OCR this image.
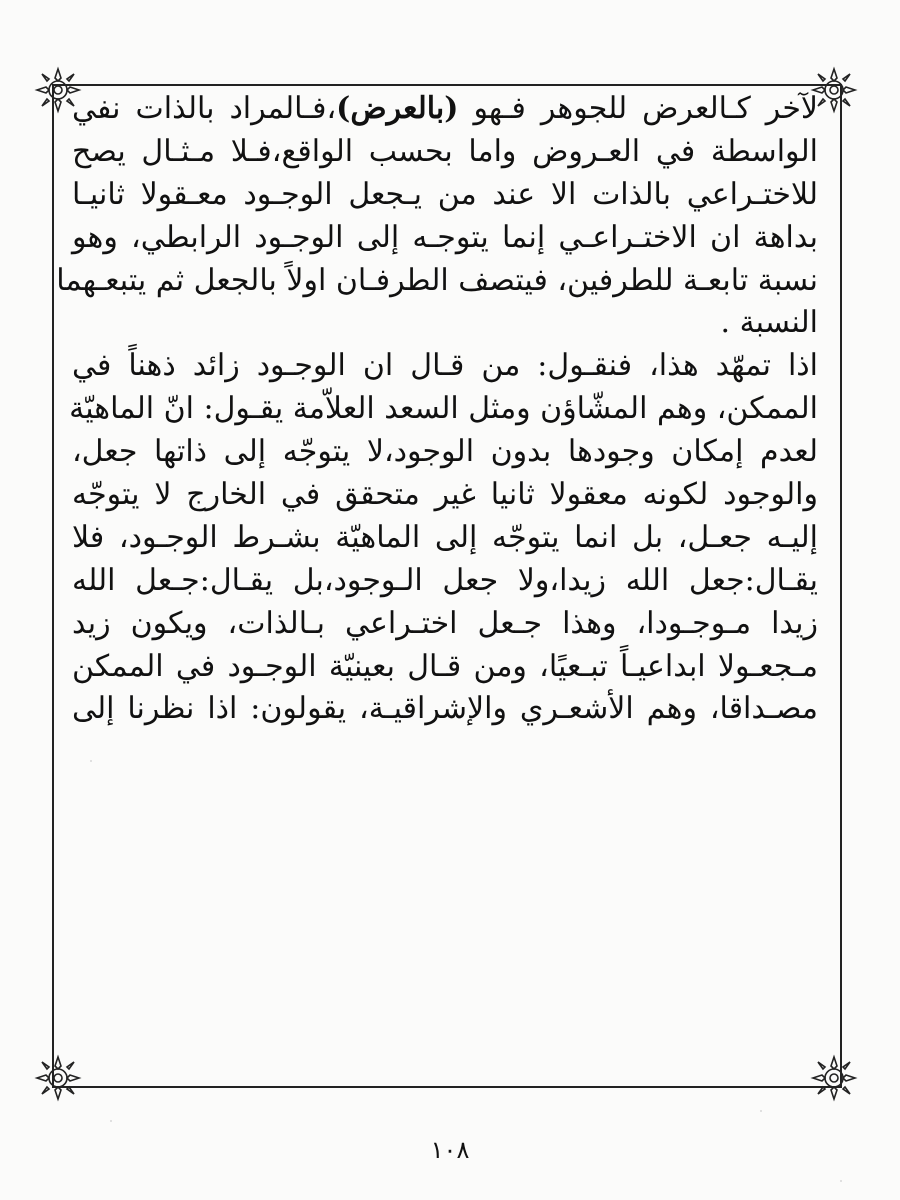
لآخر كـالعرض للجوهر فـهو (بالعرض)،فـالمراد بالذات نفي
الواسطة في العـروض واما بحسب الواقع،فـلا مـثـال يصح
للاختـراعي بالذات الا عند من يـجعل الوجـود معـقولا ثانيـا
بداهة ان الاختـراعـي إنما يتوجـه إلى الوجـود الرابطي، وهو
نسبة تابعـة للطرفين، فيتصف الطرفـان اولاً بالجعل ثم يتبعـهما
النسبة .
اذا تمهّد هذا، فنقـول: من قـال ان الوجـود زائد ذهناً في
الممكن، وهم المشّاؤن ومثل السعد العلاّمة يقـول: انّ الماهيّة
لعدم إمكان وجودها بدون الوجود،لا يتوجّه إلى ذاتها جعل،
والوجود لكونه معقولا ثانيا غير متحقق في الخارج لا يتوجّه
إليـه جعـل، بل انما يتوجّه إلى الماهيّة بشـرط الوجـود، فلا
يقـال:جعل الله زيدا،ولا جعل الـوجود،بل يقـال:جـعل الله
زيدا مـوجـودا، وهذا جـعل اختـراعي بـالذات، ويكون زيد
مـجعـولا ابداعيـاً تبـعيًا، ومن قـال بعينيّة الوجـود في الممكن
مصـداقا، وهم الأشعـري والإشراقيـة، يقولون: اذا نظرنا إلى
١٠٨
